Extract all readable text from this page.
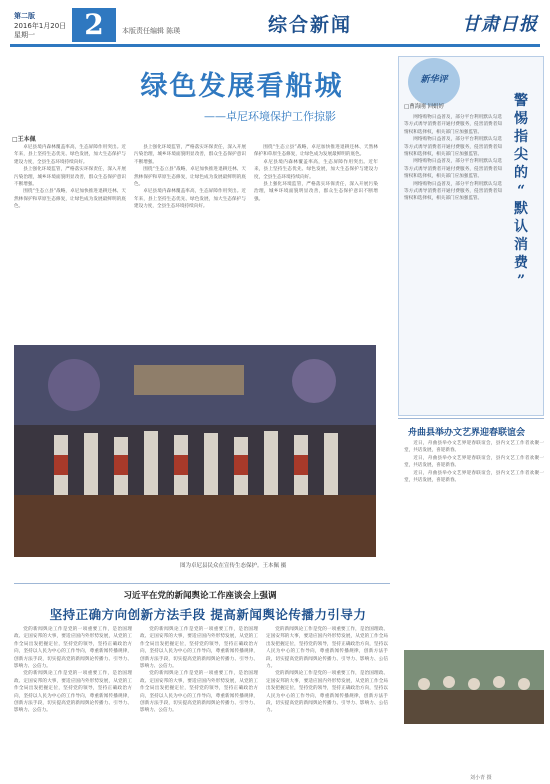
第二版
2016年1月20日
星期一	2	本版责任编辑 陈瑛	综合新闻	甘肃日报
绿色发展看船城
——卓尼环境保护工作掠影
□王本佩

卓尼县境内森林覆盖率高，生态屏障作用突出。近年来，县上坚持生态优先、绿色发展，加大生态保护与建设力度，全县生态环境持续向好。

县上强化环境监管，严格落实环保责任，深入开展污染治理，城乡环境面貌明显改善，群众生态保护意识不断增强。

围绕“生态立县”战略，卓尼加快推进退耕还林、天然林保护和草原生态修复，让绿色成为发展最鲜明的底色。

县上强化环境监管，严格落实环保责任，深入开展污染治理，城乡环境面貌明显改善，群众生态保护意识不断增强。

围绕“生态立县”战略，卓尼加快推进退耕还林、天然林保护和草原生态修复，让绿色成为发展最鲜明的底色。

卓尼县境内森林覆盖率高，生态屏障作用突出。近年来，县上坚持生态优先、绿色发展，加大生态保护与建设力度，全县生态环境持续向好。

围绕“生态立县”战略，卓尼加快推进退耕还林、天然林保护和草原生态修复，让绿色成为发展最鲜明的底色。

卓尼县境内森林覆盖率高，生态屏障作用突出。近年来，县上坚持生态优先、绿色发展，加大生态保护与建设力度，全县生态环境持续向好。

县上强化环境监管，严格落实环保责任，深入开展污染治理，城乡环境面貌明显改善，群众生态保护意识不断增强。

图为卓尼县民众在宣传生态保护。王本佩 摄
新华评
□曹海刚 回娟婷	警
惕
指
尖
的
“
默
认
消
费
”

网络购物日益普及，部分平台利用默认勾选等方式诱导消费者开通付费服务，侵害消费者知情权和选择权，相关部门应加强监管。

网络购物日益普及，部分平台利用默认勾选等方式诱导消费者开通付费服务，侵害消费者知情权和选择权，相关部门应加强监管。

网络购物日益普及，部分平台利用默认勾选等方式诱导消费者开通付费服务，侵害消费者知情权和选择权，相关部门应加强监管。

网络购物日益普及，部分平台利用默认勾选等方式诱导消费者开通付费服务，侵害消费者知情权和选择权，相关部门应加强监管。

舟曲县举办文艺界迎春联谊会

近日，舟曲县举办文艺界迎春联谊会，县内文艺工作者欢聚一堂，共话发展，喜迎新春。

近日，舟曲县举办文艺界迎春联谊会，县内文艺工作者欢聚一堂，共话发展，喜迎新春。

近日，舟曲县举办文艺界迎春联谊会，县内文艺工作者欢聚一堂，共话发展，喜迎新春。

习近平在党的新闻舆论工作座谈会上强调
坚持正确方向创新方法手段 提高新闻舆论传播力引导力

党的新闻舆论工作是党的一项重要工作，是治国理政、定国安邦的大事，要适应国内外形势发展，从党的工作全局出发把握定位，坚持党的领导，坚持正确政治方向，坚持以人民为中心的工作导向，尊重新闻传播规律，创新方法手段，切实提高党的新闻舆论传播力、引导力、影响力、公信力。

党的新闻舆论工作是党的一项重要工作，是治国理政、定国安邦的大事，要适应国内外形势发展，从党的工作全局出发把握定位，坚持党的领导，坚持正确政治方向，坚持以人民为中心的工作导向，尊重新闻传播规律，创新方法手段，切实提高党的新闻舆论传播力、引导力、影响力、公信力。

党的新闻舆论工作是党的一项重要工作，是治国理政、定国安邦的大事，要适应国内外形势发展，从党的工作全局出发把握定位，坚持党的领导，坚持正确政治方向，坚持以人民为中心的工作导向，尊重新闻传播规律，创新方法手段，切实提高党的新闻舆论传播力、引导力、影响力、公信力。

党的新闻舆论工作是党的一项重要工作，是治国理政、定国安邦的大事，要适应国内外形势发展，从党的工作全局出发把握定位，坚持党的领导，坚持正确政治方向，坚持以人民为中心的工作导向，尊重新闻传播规律，创新方法手段，切实提高党的新闻舆论传播力、引导力、影响力、公信力。

党的新闻舆论工作是党的一项重要工作，是治国理政、定国安邦的大事，要适应国内外形势发展，从党的工作全局出发把握定位，坚持党的领导，坚持正确政治方向，坚持以人民为中心的工作导向，尊重新闻传播规律，创新方法手段，切实提高党的新闻舆论传播力、引导力、影响力、公信力。

党的新闻舆论工作是党的一项重要工作，是治国理政、定国安邦的大事，要适应国内外形势发展，从党的工作全局出发把握定位，坚持党的领导，坚持正确政治方向，坚持以人民为中心的工作导向，尊重新闻传播规律，创新方法手段，切实提高党的新闻舆论传播力、引导力、影响力、公信力。

刘小青 摄
